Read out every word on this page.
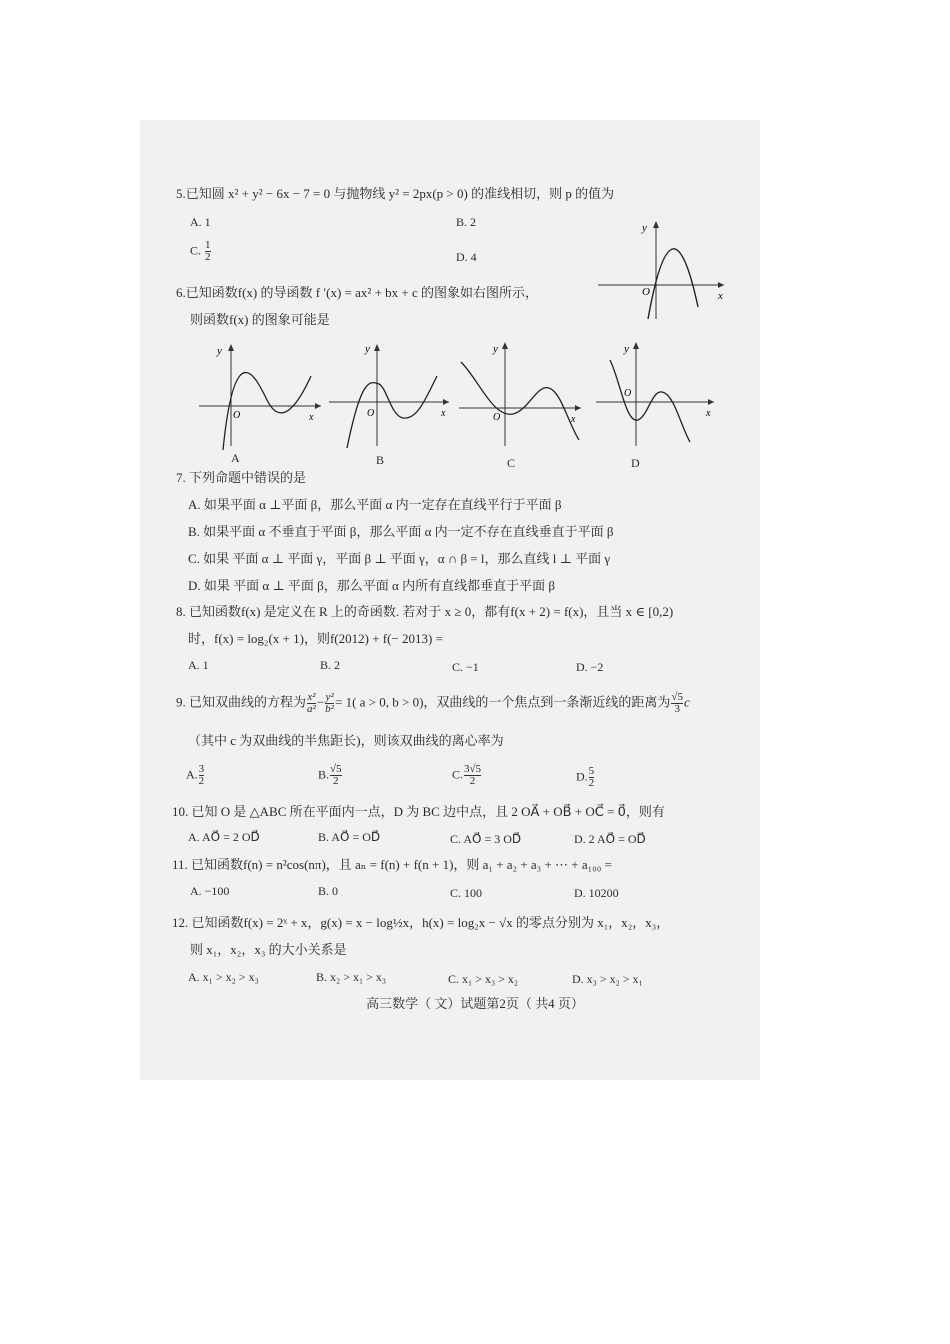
5.已知圆 x² + y² − 6x − 7 = 0 与抛物线 y² = 2px(p > 0) 的准线相切，则 p 的值为
A. 1	B. 2
C. $\frac{1}{2}$	D. 4
y
O	x
6.已知函数f(x) 的导函数 f ′(x) = ax² + bx + c 的图象如右图所示，
则函数f(x) 的图象可能是
y
O	x
y
O	x
y
O	x
y
O
x
A	B	C	D
7. 下列命题中错误的是
A. 如果平面 α ⊥平面 β，那么平面 α 内一定存在直线平行于平面 β
B. 如果平面 α 不垂直于平面 β，那么平面 α 内一定不存在直线垂直于平面 β
C. 如果 平面 α ⊥ 平面 γ，平面 β ⊥ 平面 γ，α ∩ β = l，那么直线 l ⊥ 平面 γ
D. 如果 平面 α ⊥ 平面 β，那么平面 α 内所有直线都垂直于平面 β
8. 已知函数f(x) 是定义在 R 上的奇函数. 若对于 x ≥ 0，都有f(x + 2) = f(x)，且当 x ∈ [0,2)
时，f(x) = log₂(x + 1)，则f(2012) + f(− 2013) =
A. 1	B. 2	C. −1	D. −2
9. 已知双曲线的方程为 $\frac{\text{x²}}{\text{a²}} - \frac{\text{y²}}{\text{b²}} = 1$( a > 0, b > 0)，双曲线的一个焦点到一条渐近线的距离为 $\frac{√5}{3}$ c
（其中 c 为双曲线的半焦距长)，则该双曲线的离心率为
A. $\frac{3}{2}$	B. $\frac{√5}{2}$	C. $\frac{3√5}{2}$	D. $\frac{5}{2}$
10. 已知 O 是 △ABC 所在平面内一点，D 为 BC 边中点，且 2 OA⃗ + OB⃗ + OC⃗ = 0⃗，则有
A. AO⃗ = 2 OD⃗	B. AO⃗ = OD⃗	C. AO⃗ = 3 OD⃗	D. 2 AO⃗ = OD⃗
11. 已知函数f(n) = n²cos(nπ)，且 aₙ = f(n) + f(n + 1)，则 a₁ + a₂ + a₃ + ⋯ + a₁₀₀ =
A. −100	B. 0	C. 100	D. 10200
12. 已知函数f(x) = 2ˣ + x，g(x) = x − log½x，h(x) = log₂x − √x 的零点分别为 x₁，x₂，x₃，
则 x₁，x₂，x₃ 的大小关系是
A. x₁ > x₂ > x₃	B. x₂ > x₁ > x₃	C. x₁ > x₃ > x₂	D. x₃ > x₂ > x₁
高三数学（ 文）试题第2页（ 共4 页）
